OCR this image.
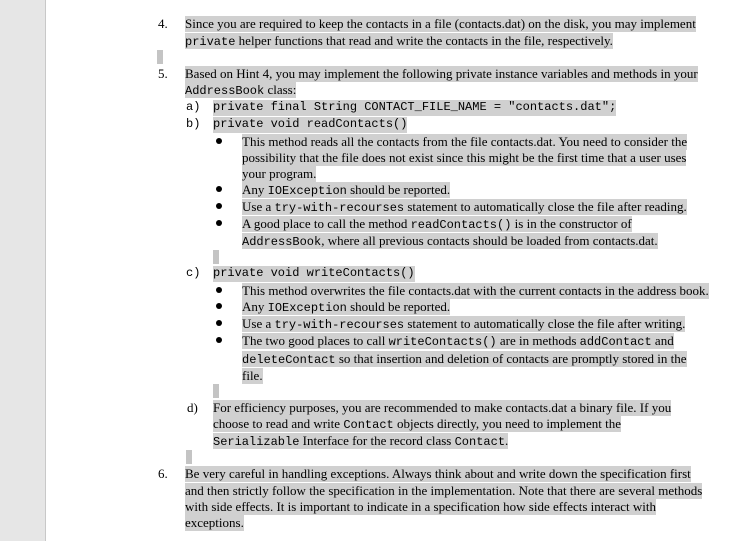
4. Since you are required to keep the contacts in a file (contacts.dat) on the disk, you may implement
private helper functions that read and write the contacts in the file, respectively.
5. Based on Hint 4, you may implement the following private instance variables and methods in your
AddressBook class:
a) private final String CONTACT_FILE_NAME = "contacts.dat";
b) private void readContacts()
This method reads all the contacts from the file contacts.dat. You need to consider the
possibility that the file does not exist since this might be the first time that a user uses
your program.
Any IOException should be reported.
Use a try-with-recourses statement to automatically close the file after reading.
A good place to call the method readContacts() is in the constructor of
AddressBook, where all previous contacts should be loaded from contacts.dat.
c) private void writeContacts()
This method overwrites the file contacts.dat with the current contacts in the address book.
Any IOException should be reported.
Use a try-with-recourses statement to automatically close the file after writing.
The two good places to call writeContacts() are in methods addContact and
deleteContact so that insertion and deletion of contacts are promptly stored in the
file.
d) For efficiency purposes, you are recommended to make contacts.dat a binary file. If you
choose to read and write Contact objects directly, you need to implement the
Serializable Interface for the record class Contact.
6. Be very careful in handling exceptions. Always think about and write down the specification first
and then strictly follow the specification in the implementation. Note that there are several methods
with side effects. It is important to indicate in a specification how side effects interact with
exceptions.
